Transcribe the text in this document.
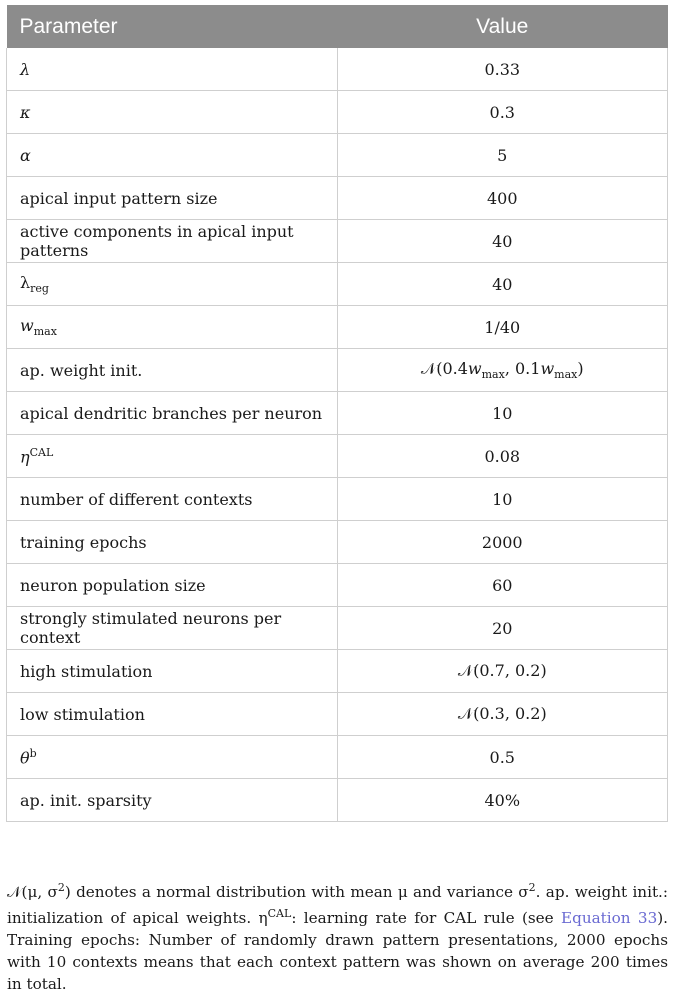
Parameter	Value
λ	0.33
κ	0.3
α	5
apical input pattern size	400
active components in apical input patterns	40
$\lambda_{reg}$	40
$w_{max}$	1/40
ap. weight init.	$𝒩(0.4w_{max}$, $0.1w_{max}$)
apical dendritic branches per neuron	10
$\eta^{CAL}$	0.08
number of different contexts	10
training epochs	2000
neuron population size	60
strongly stimulated neurons per context	20
high stimulation	𝒩(0.7, 0.2)
low stimulation	𝒩(0.3, 0.2)
$\theta^b$	0.5
ap. init. sparsity	40%
𝒩(μ, $\sigma^2$) denotes a normal distribution with mean μ and variance $\sigma^2$. ap. weight init.: initialization of apical weights. $\eta^{CAL}$: learning rate for CAL rule (see Equation 33). Training epochs: Number of randomly drawn pattern presentations, 2000 epochs with 10 contexts means that each context pattern was shown on average 200 times in total.
